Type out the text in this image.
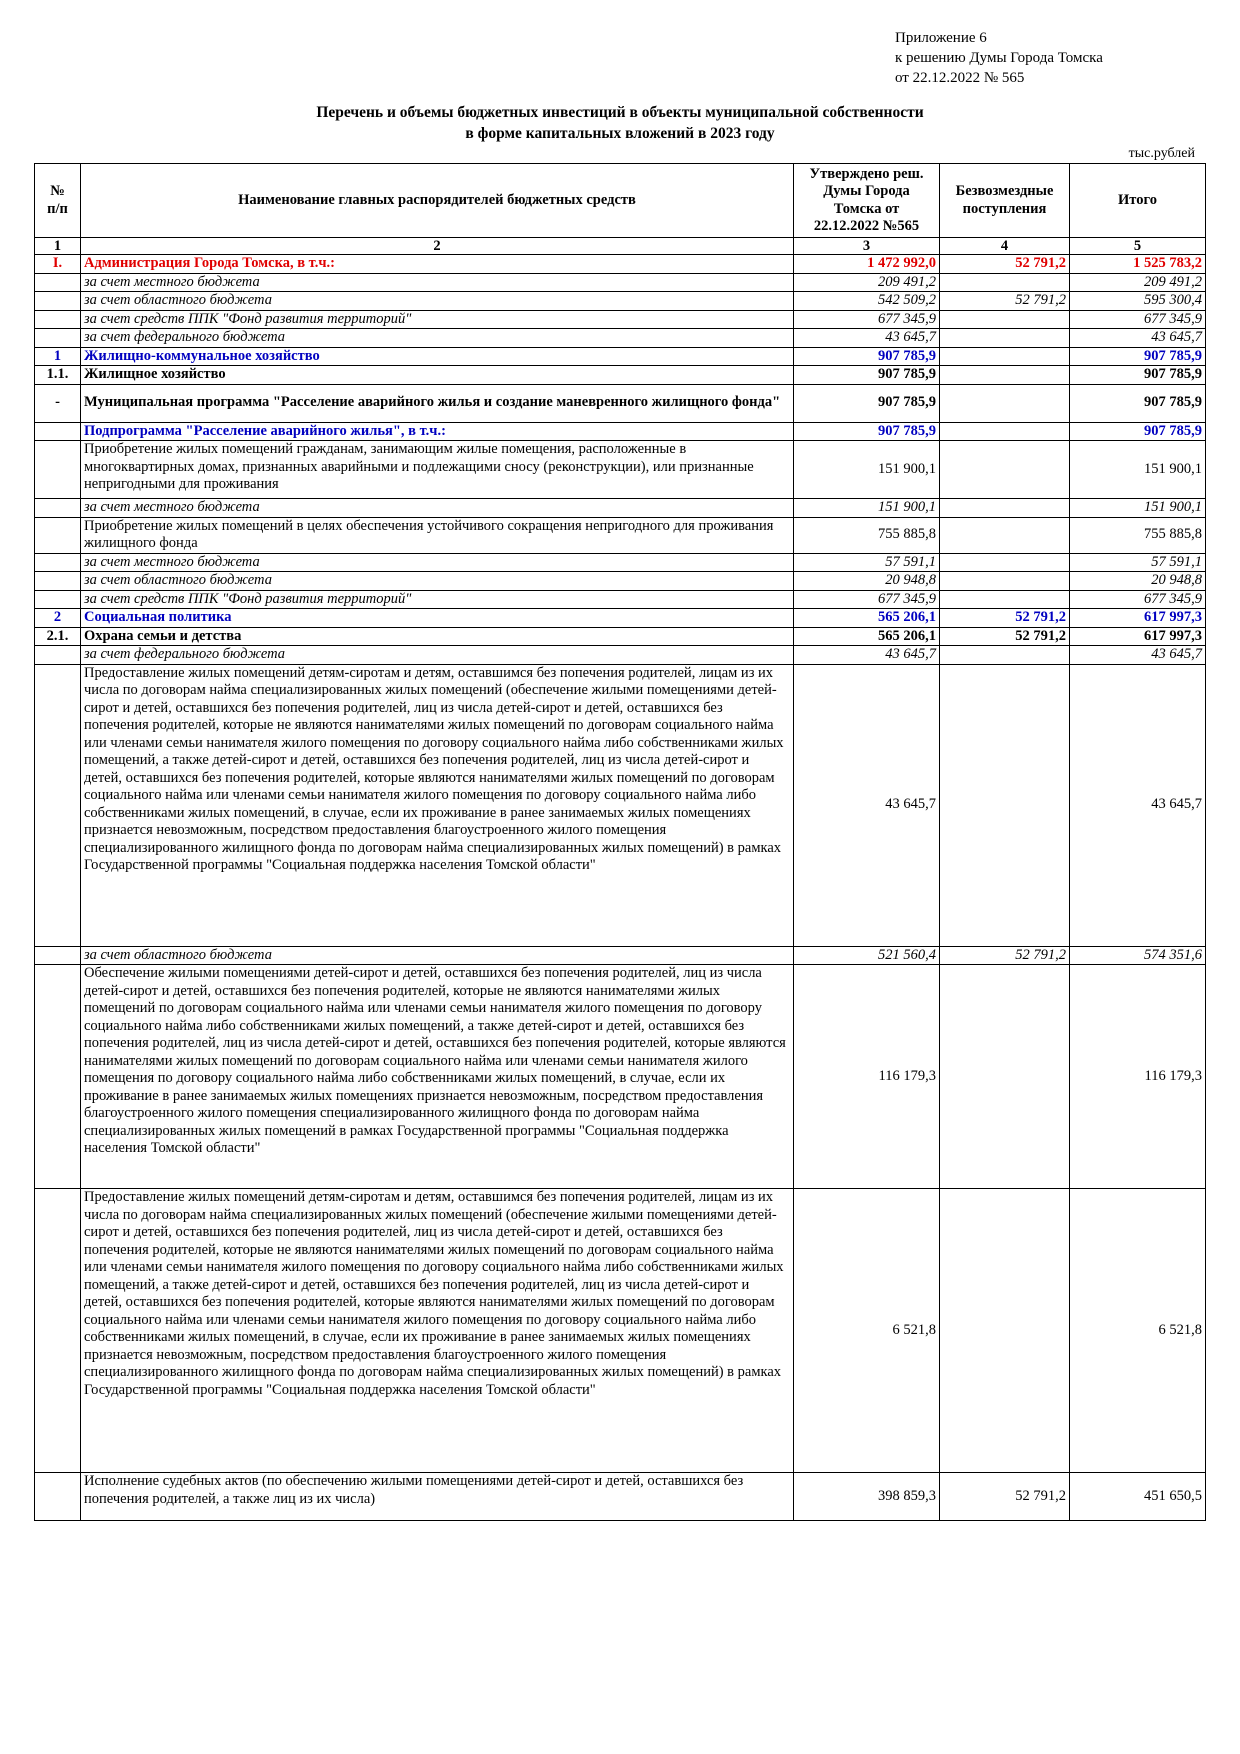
Приложение 6
к решению Думы Города Томска
от 22.12.2022 № 565
Перечень и объемы бюджетных инвестиций в объекты муниципальной собственности
в форме капитальных вложений в 2023 году
тыс.рублей
№ п/п	Наименование главных распорядителей бюджетных средств	Утверждено реш. Думы Города Томска от 22.12.2022 №565	Безвозмездные поступления	Итого
1	2	3	4	5
I.	Администрация Города Томска, в т.ч.:	1 472 992,0	52 791,2	1 525 783,2
	за счет местного бюджета	209 491,2		209 491,2
	за счет областного бюджета	542 509,2	52 791,2	595 300,4
	за счет средств ППК "Фонд развития территорий"	677 345,9		677 345,9
	за счет федерального бюджета	43 645,7		43 645,7
1	Жилищно-коммунальное хозяйство	907 785,9		907 785,9
1.1.	Жилищное хозяйство	907 785,9		907 785,9
-	Муниципальная программа "Расселение аварийного жилья и создание маневренного жилищного фонда"	907 785,9		907 785,9
	Подпрограмма "Расселение аварийного жилья", в т.ч.:	907 785,9		907 785,9
	Приобретение жилых помещений гражданам, занимающим жилые помещения, расположенные в многоквартирных домах, признанных аварийными и подлежащими сносу (реконструкции), или признанные непригодными для проживания	151 900,1		151 900,1
	за счет местного бюджета	151 900,1		151 900,1
	Приобретение жилых помещений в целях обеспечения устойчивого сокращения непригодного для проживания жилищного фонда	755 885,8		755 885,8
	за счет местного бюджета	57 591,1		57 591,1
	за счет областного бюджета	20 948,8		20 948,8
	за счет средств ППК "Фонд развития территорий"	677 345,9		677 345,9
2	Социальная политика	565 206,1	52 791,2	617 997,3
2.1.	Охрана семьи и детства	565 206,1	52 791,2	617 997,3
	за счет федерального бюджета	43 645,7		43 645,7
	Предоставление жилых помещений детям-сиротам и детям, оставшимся без попечения родителей, лицам из их числа по договорам найма специализированных жилых помещений (обеспечение жилыми помещениями детей-сирот и детей, оставшихся без попечения родителей, лиц из числа детей-сирот и детей, оставшихся без попечения родителей, которые не являются нанимателями жилых помещений по договорам социального найма или членами семьи нанимателя жилого помещения по договору социального найма либо собственниками жилых помещений, а также детей-сирот и детей, оставшихся без попечения родителей, лиц из числа детей-сирот и детей, оставшихся без попечения родителей, которые являются нанимателями жилых помещений по договорам социального найма или членами семьи нанимателя жилого помещения по договору социального найма либо собственниками жилых помещений, в случае, если их проживание в ранее занимаемых жилых помещениях признается невозможным, посредством предоставления благоустроенного жилого помещения специализированного жилищного фонда по договорам найма специализированных жилых помещений) в рамках Государственной программы "Социальная поддержка населения Томской области"	43 645,7		43 645,7
	за счет областного бюджета	521 560,4	52 791,2	574 351,6
	Обеспечение жилыми помещениями детей-сирот и детей, оставшихся без попечения родителей, лиц из числа детей-сирот и детей, оставшихся без попечения родителей, которые не являются нанимателями жилых помещений по договорам социального найма или членами семьи нанимателя жилого помещения по договору социального найма либо собственниками жилых помещений, а также детей-сирот и детей, оставшихся без попечения родителей, лиц из числа детей-сирот и детей, оставшихся без попечения родителей, которые являются нанимателями жилых помещений по договорам социального найма или членами семьи нанимателя жилого помещения по договору социального найма либо собственниками жилых помещений, в случае, если их проживание в ранее занимаемых жилых помещениях признается невозможным, посредством предоставления благоустроенного жилого помещения специализированного жилищного фонда по договорам найма специализированных жилых помещений в рамках Государственной программы "Социальная поддержка населения Томской области"	116 179,3		116 179,3
	Предоставление жилых помещений детям-сиротам и детям, оставшимся без попечения родителей, лицам из их числа по договорам найма специализированных жилых помещений (обеспечение жилыми помещениями детей-сирот и детей, оставшихся без попечения родителей, лиц из числа детей-сирот и детей, оставшихся без попечения родителей, которые не являются нанимателями жилых помещений по договорам социального найма или членами семьи нанимателя жилого помещения по договору социального найма либо собственниками жилых помещений, а также детей-сирот и детей, оставшихся без попечения родителей, лиц из числа детей-сирот и детей, оставшихся без попечения родителей, которые являются нанимателями жилых помещений по договорам социального найма или членами семьи нанимателя жилого помещения по договору социального найма либо собственниками жилых помещений, в случае, если их проживание в ранее занимаемых жилых помещениях признается невозможным, посредством предоставления благоустроенного жилого помещения специализированного жилищного фонда по договорам найма специализированных жилых помещений) в рамках Государственной программы "Социальная поддержка населения Томской области"	6 521,8		6 521,8
	Исполнение судебных актов (по обеспечению жилыми помещениями детей-сирот и детей, оставшихся без попечения родителей, а также лиц из их числа)	398 859,3	52 791,2	451 650,5
